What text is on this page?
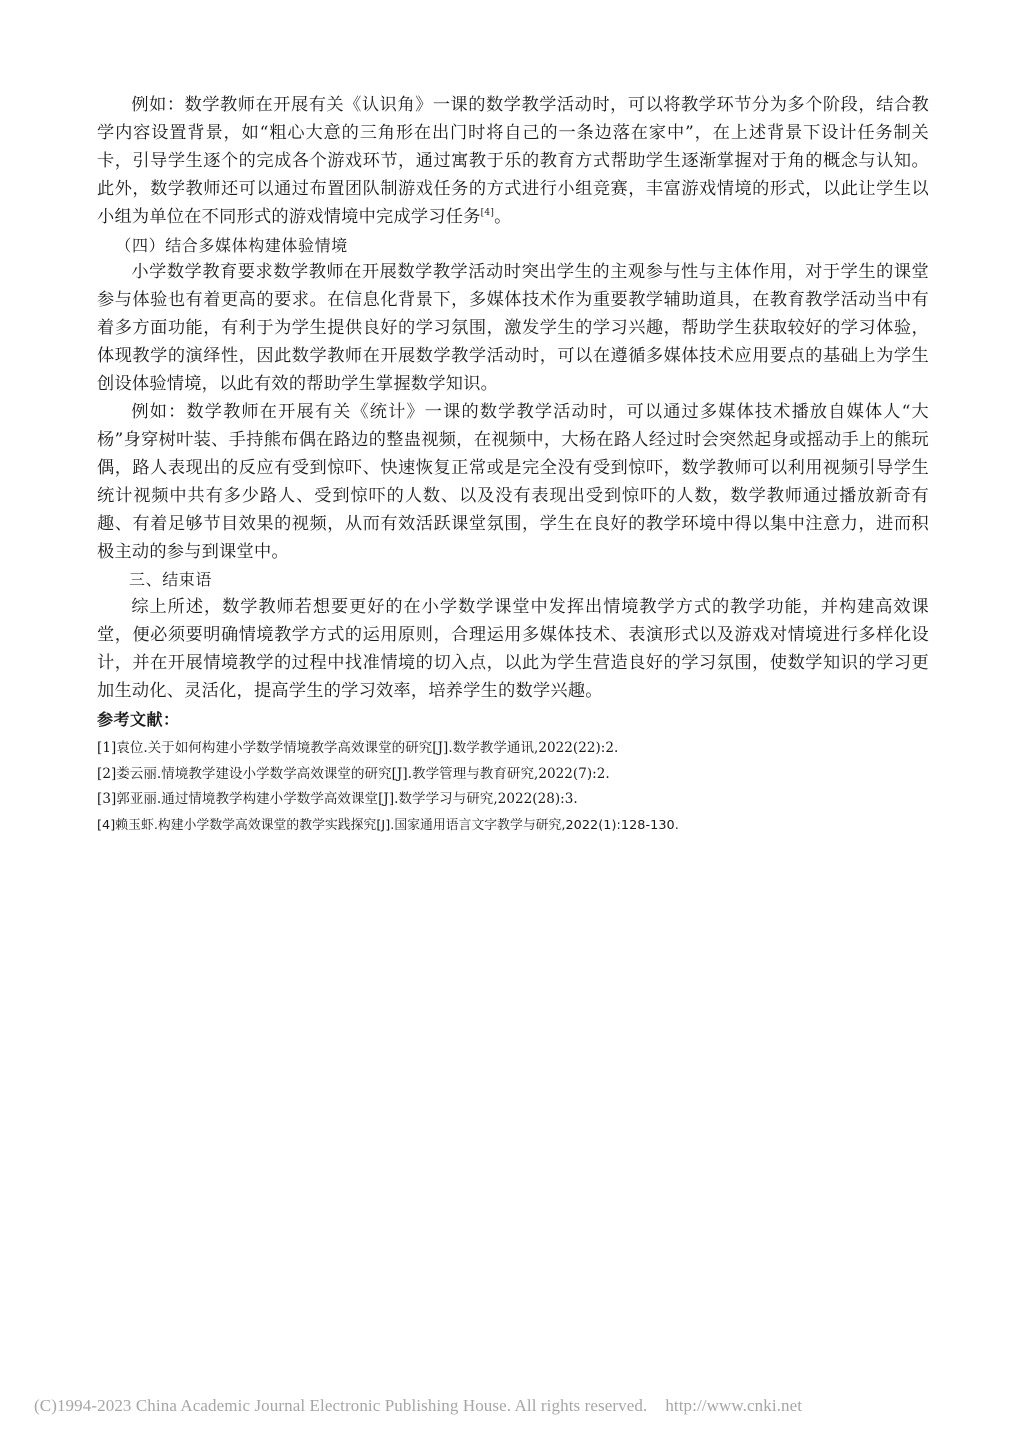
例如：数学教师在开展有关《认识角》一课的数学教学活动时，可以将教学环节分为多个阶段，结合教学内容设置背景，如“粗心大意的三角形在出门时将自己的一条边落在家中”，在上述背景下设计任务制关卡，引导学生逐个的完成各个游戏环节，通过寓教于乐的教育方式帮助学生逐渐掌握对于角的概念与认知。此外，数学教师还可以通过布置团队制游戏任务的方式进行小组竞赛，丰富游戏情境的形式，以此让学生以小组为单位在不同形式的游戏情境中完成学习任务[4]。

（四）结合多媒体构建体验情境

小学数学教育要求数学教师在开展数学教学活动时突出学生的主观参与性与主体作用，对于学生的课堂参与体验也有着更高的要求。在信息化背景下，多媒体技术作为重要教学辅助道具，在教育教学活动当中有着多方面功能，有利于为学生提供良好的学习氛围，激发学生的学习兴趣，帮助学生获取较好的学习体验，体现教学的演绎性，因此数学教师在开展数学教学活动时，可以在遵循多媒体技术应用要点的基础上为学生创设体验情境，以此有效的帮助学生掌握数学知识。

例如：数学教师在开展有关《统计》一课的数学教学活动时，可以通过多媒体技术播放自媒体人“大杨”身穿树叶装、手持熊布偶在路边的整蛊视频，在视频中，大杨在路人经过时会突然起身或摇动手上的熊玩偶，路人表现出的反应有受到惊吓、快速恢复正常或是完全没有受到惊吓，数学教师可以利用视频引导学生统计视频中共有多少路人、受到惊吓的人数、以及没有表现出受到惊吓的人数，数学教师通过播放新奇有趣、有着足够节目效果的视频，从而有效活跃课堂氛围，学生在良好的教学环境中得以集中注意力，进而积极主动的参与到课堂中。

三、结束语

综上所述，数学教师若想要更好的在小学数学课堂中发挥出情境教学方式的教学功能，并构建高效课堂，便必须要明确情境教学方式的运用原则，合理运用多媒体技术、表演形式以及游戏对情境进行多样化设计，并在开展情境教学的过程中找准情境的切入点，以此为学生营造良好的学习氛围，使数学知识的学习更加生动化、灵活化，提高学生的学习效率，培养学生的数学兴趣。

参考文献：

[1]袁位.关于如何构建小学数学情境教学高效课堂的研究[J].数学教学通讯,2022(22):2.

[2]娄云丽.情境教学建设小学数学高效课堂的研究[J].教学管理与教育研究,2022(7):2.

[3]郭亚丽.通过情境教学构建小学数学高效课堂[J].数学学习与研究,2022(28):3.

[4]赖玉虾.构建小学数学高效课堂的教学实践探究[J].国家通用语言文字教学与研究,2022(1):128-130.

(C)1994-2023 China Academic Journal Electronic Publishing House. All rights reserved. http://www.cnki.net
